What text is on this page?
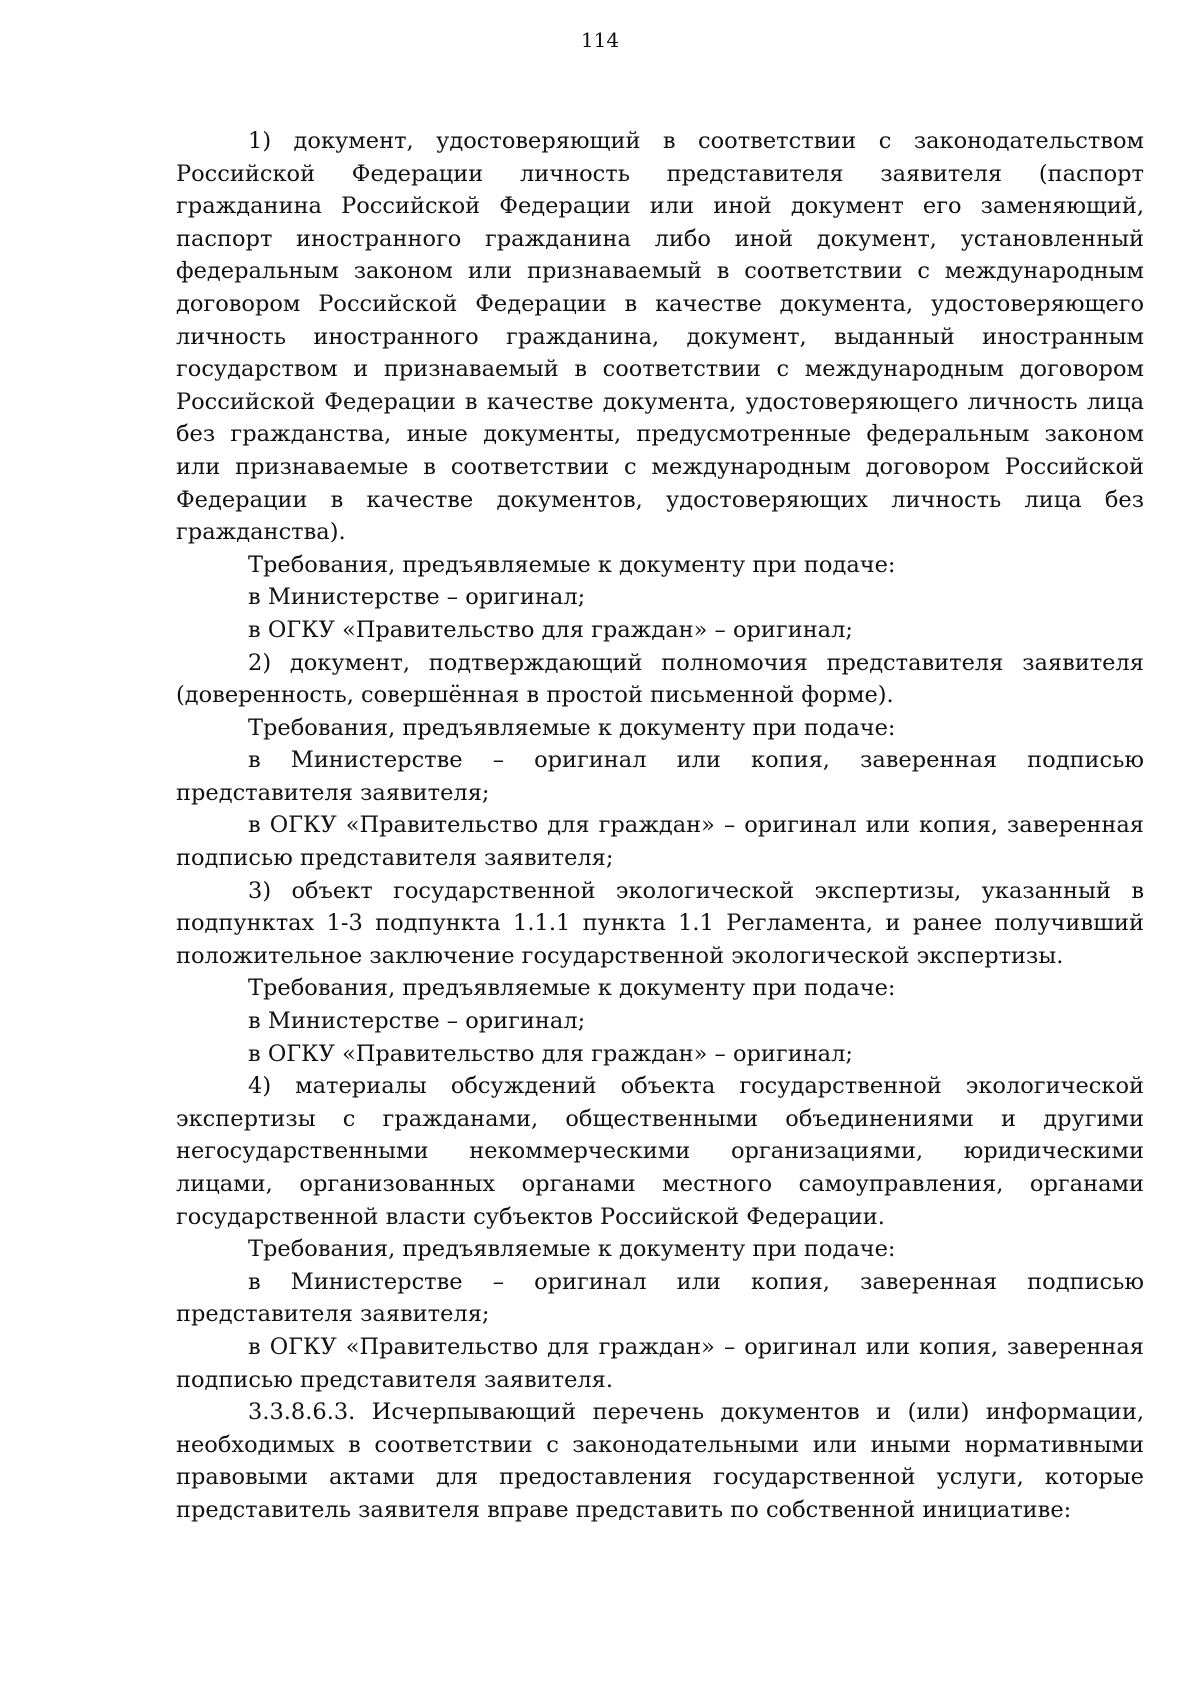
114

1) документ, удостоверяющий в соответствии с законодательством Российской Федерации личность представителя заявителя (паспорт гражданина Российской Федерации или иной документ его заменяющий, паспорт иностранного гражданина либо иной документ, установленный федеральным законом или признаваемый в соответствии с международным договором Российской Федерации в качестве документа, удостоверяющего личность иностранного гражданина, документ, выданный иностранным государством и признаваемый в соответствии с международным договором Российской Федерации в качестве документа, удостоверяющего личность лица без гражданства, иные документы, предусмотренные федеральным законом или признаваемые в соответствии с международным договором Российской Федерации в качестве документов, удостоверяющих личность лица без гражданства).

Требования, предъявляемые к документу при подаче:

в Министерстве – оригинал;

в ОГКУ «Правительство для граждан» – оригинал;

2) документ, подтверждающий полномочия представителя заявителя (доверенность, совершённая в простой письменной форме).

Требования, предъявляемые к документу при подаче:

в Министерстве – оригинал или копия, заверенная подписью представителя заявителя;

в ОГКУ «Правительство для граждан» – оригинал или копия, заверенная подписью представителя заявителя;

3) объект государственной экологической экспертизы, указанный в подпунктах 1-3 подпункта 1.1.1 пункта 1.1 Регламента, и ранее получивший положительное заключение государственной экологической экспертизы.

Требования, предъявляемые к документу при подаче:

в Министерстве – оригинал;

в ОГКУ «Правительство для граждан» – оригинал;

4) материалы обсуждений объекта государственной экологической экспертизы с гражданами, общественными объединениями и другими негосударственными некоммерческими организациями, юридическими лицами, организованных органами местного самоуправления, органами государственной власти субъектов Российской Федерации.

Требования, предъявляемые к документу при подаче:

в Министерстве – оригинал или копия, заверенная подписью представителя заявителя;

в ОГКУ «Правительство для граждан» – оригинал или копия, заверенная подписью представителя заявителя.

3.3.8.6.3. Исчерпывающий перечень документов и (или) информации, необходимых в соответствии с законодательными или иными нормативными правовыми актами для предоставления государственной услуги, которые представитель заявителя вправе представить по собственной инициативе:
